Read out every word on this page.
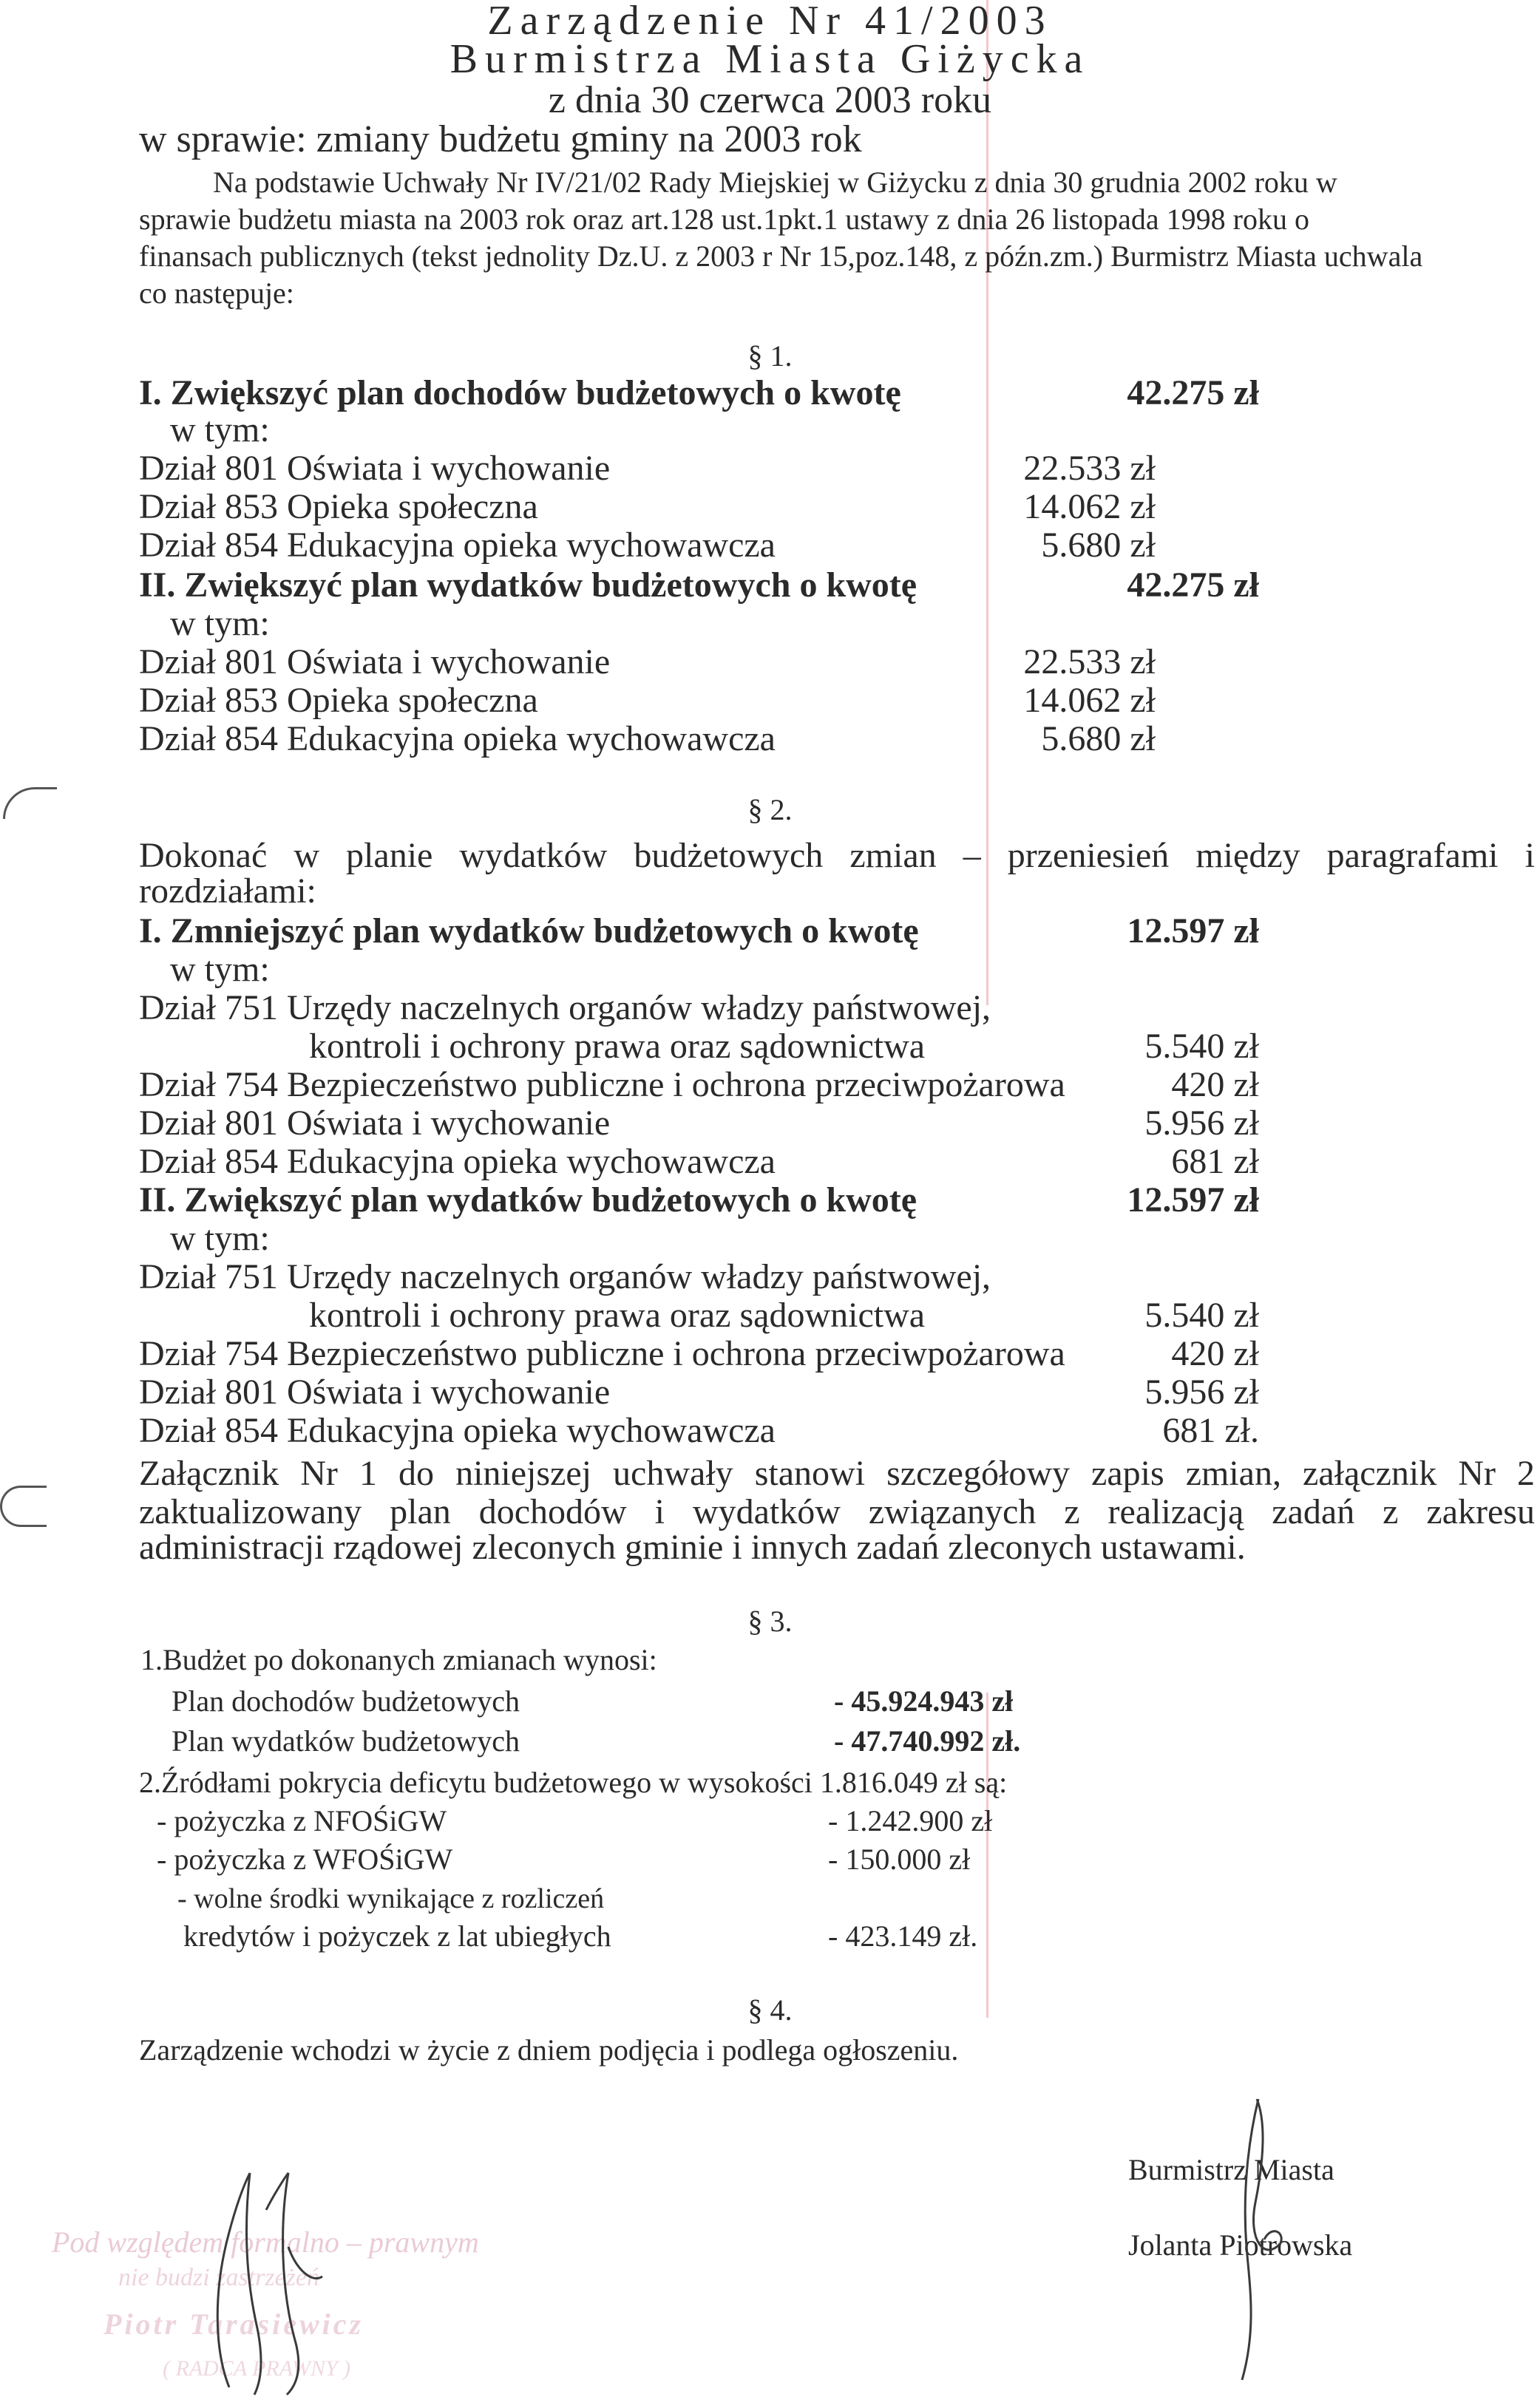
Zarządzenie Nr 41/2003
Burmistrza Miasta Giżycka
z dnia 30 czerwca 2003 roku
w sprawie: zmiany budżetu gminy na 2003 rok
Na podstawie Uchwały Nr IV/21/02 Rady Miejskiej w Giżycku z dnia 30 grudnia 2002 roku w
sprawie budżetu miasta na 2003 rok oraz art.128 ust.1pkt.1 ustawy z dnia 26 listopada 1998 roku o
finansach publicznych (tekst jednolity Dz.U. z 2003 r Nr 15,poz.148, z późn.zm.) Burmistrz Miasta uchwala
co następuje:
§ 1.
I. Zwiększyć plan dochodów budżetowych o kwotę	42.275 zł
w tym:
Dział 801 Oświata i wychowanie	22.533 zł
Dział 853 Opieka społeczna	14.062 zł
Dział 854 Edukacyjna opieka wychowawcza	5.680 zł
II. Zwiększyć plan wydatków budżetowych o kwotę	42.275 zł
w tym:
Dział 801 Oświata i wychowanie	22.533 zł
Dział 853 Opieka społeczna	14.062 zł
Dział 854 Edukacyjna opieka wychowawcza	5.680 zł
§ 2.
Dokonać w planie wydatków budżetowych zmian – przeniesień między paragrafami i
rozdziałami:
I. Zmniejszyć plan wydatków budżetowych o kwotę	12.597 zł
w tym:
Dział 751 Urzędy naczelnych organów władzy państwowej,
kontroli i ochrony prawa oraz sądownictwa	5.540 zł
Dział 754 Bezpieczeństwo publiczne i ochrona przeciwpożarowa	420 zł
Dział 801 Oświata i wychowanie	5.956 zł
Dział 854 Edukacyjna opieka wychowawcza	681 zł
II. Zwiększyć plan wydatków budżetowych o kwotę	12.597 zł
w tym:
Dział 751 Urzędy naczelnych organów władzy państwowej,
kontroli i ochrony prawa oraz sądownictwa	5.540 zł
Dział 754 Bezpieczeństwo publiczne i ochrona przeciwpożarowa	420 zł
Dział 801 Oświata i wychowanie	5.956 zł
Dział 854 Edukacyjna opieka wychowawcza	681 zł.
Załącznik Nr 1 do niniejszej uchwały stanowi szczegółowy zapis zmian, załącznik Nr 2
zaktualizowany plan dochodów i wydatków związanych z realizacją zadań z zakresu
administracji rządowej zleconych gminie i innych zadań zleconych ustawami.
§ 3.
1.Budżet po dokonanych zmianach wynosi:
Plan dochodów budżetowych	- 45.924.943 zł
Plan wydatków budżetowych	- 47.740.992 zł.
2.Źródłami pokrycia deficytu budżetowego w wysokości 1.816.049 zł są:
- pożyczka z NFOŚiGW	- 1.242.900 zł
- pożyczka z WFOŚiGW	- 150.000 zł
- wolne środki wynikające z rozliczeń
kredytów i pożyczek z lat ubiegłych	- 423.149 zł.
§ 4.
Zarządzenie wchodzi w życie z dniem podjęcia i podlega ogłoszeniu.
Burmistrz Miasta
Jolanta Piotrowska
Pod względem formalno – prawnym
nie budzi zastrzeżeń
Piotr Tarasiewicz
( RADCA PRAWNY )
